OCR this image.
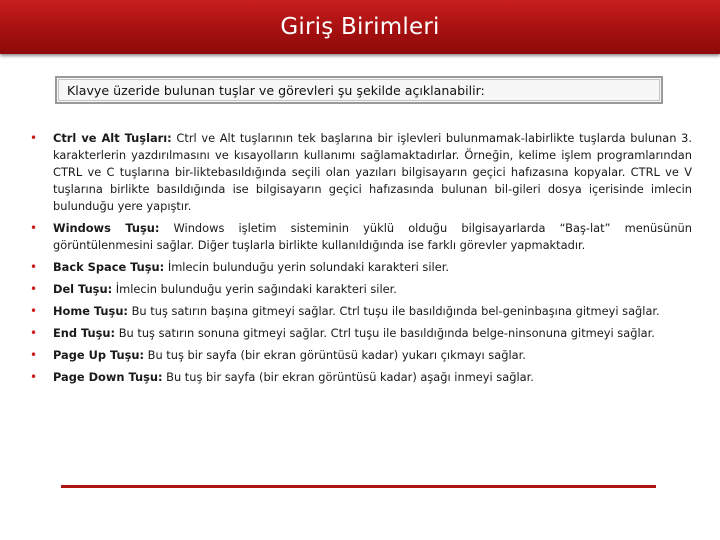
Giriş Birimleri
Klavye üzeride bulunan tuşlar ve görevleri şu şekilde açıklanabilir:
• Ctrl ve Alt Tuşları: Ctrl ve Alt tuşlarının tek başlarına bir işlevleri bulunmamak-labirlikte tuşlarda bulunan 3. karakterlerin yazdırılmasını ve kısayolların kullanımı sağlamaktadırlar. Örneğin, kelime işlem programlarından CTRL ve C tuşlarına bir-liktebasıldığında seçili olan yazıları bilgisayarın geçici hafızasına kopyalar. CTRL ve V tuşlarına birlikte basıldığında ise bilgisayarın geçici hafızasında bulunan bil-gileri dosya içerisinde imlecin bulunduğu yere yapıştır.
• Windows Tuşu: Windows işletim sisteminin yüklü olduğu bilgisayarlarda “Baş-lat” menüsünün görüntülenmesini sağlar. Diğer tuşlarla birlikte kullanıldığında ise farklı görevler yapmaktadır.
• Back Space Tuşu: İmlecin bulunduğu yerin solundaki karakteri siler.
• Del Tuşu: İmlecin bulunduğu yerin sağındaki karakteri siler.
• Home Tuşu: Bu tuş satırın başına gitmeyi sağlar. Ctrl tuşu ile basıldığında bel-geninbaşına gitmeyi sağlar.
• End Tuşu: Bu tuş satırın sonuna gitmeyi sağlar. Ctrl tuşu ile basıldığında belge-ninsonuna gitmeyi sağlar.
• Page Up Tuşu: Bu tuş bir sayfa (bir ekran görüntüsü kadar) yukarı çıkmayı sağlar.
• Page Down Tuşu: Bu tuş bir sayfa (bir ekran görüntüsü kadar) aşağı inmeyi sağlar.
